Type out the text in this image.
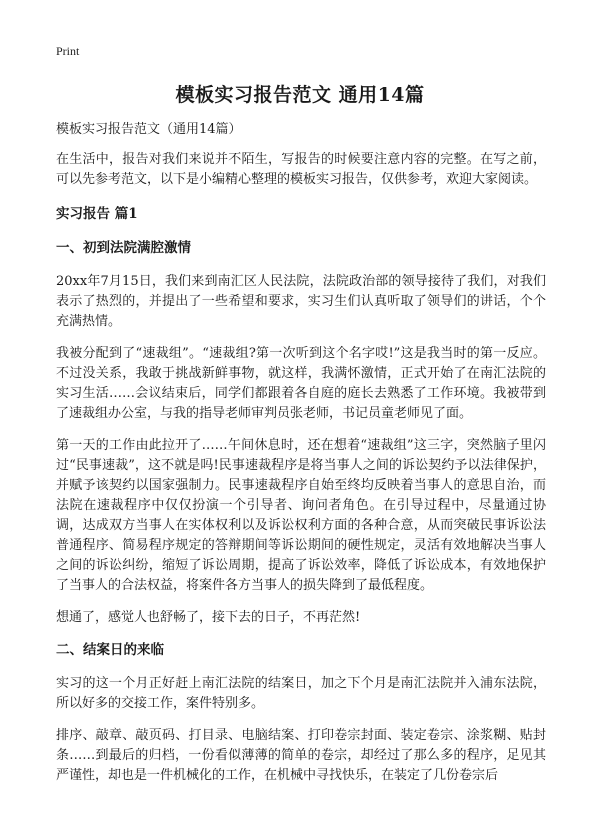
Print
模板实习报告范文 通用14篇

模板实习报告范文（通用14篇）

在生活中，报告对我们来说并不陌生，写报告的时候要注意内容的完整。在写之前，可以先参考范文，以下是小编精心整理的模板实习报告，仅供参考，欢迎大家阅读。

实习报告 篇1
一、初到法院满腔激情

20xx年7月15日，我们来到南汇区人民法院，法院政治部的领导接待了我们，对我们表示了热烈的，并提出了一些希望和要求，实习生们认真听取了领导们的讲话，个个充满热情。

我被分配到了“速裁组”。“速裁组?第一次听到这个名字哎!”这是我当时的第一反应。不过没关系，我敢于挑战新鲜事物，就这样，我满怀激情，正式开始了在南汇法院的实习生活……会议结束后，同学们都跟着各自庭的庭长去熟悉了工作环境。我被带到了速裁组办公室，与我的指导老师审判员张老师，书记员童老师见了面。

第一天的工作由此拉开了……午间休息时，还在想着“速裁组”这三字，突然脑子里闪过“民事速裁”，这不就是吗!民事速裁程序是将当事人之间的诉讼契约予以法律保护，并赋予该契约以国家强制力。民事速裁程序自始至终均反映着当事人的意思自治，而法院在速裁程序中仅仅扮演一个引导者、询问者角色。在引导过程中，尽量通过协调，达成双方当事人在实体权利以及诉讼权利方面的各种合意，从而突破民事诉讼法普通程序、简易程序规定的答辩期间等诉讼期间的硬性规定，灵活有效地解决当事人之间的诉讼纠纷，缩短了诉讼周期，提高了诉讼效率，降低了诉讼成本，有效地保护了当事人的合法权益，将案件各方当事人的损失降到了最低程度。

想通了，感觉人也舒畅了，接下去的日子，不再茫然!

二、结案日的来临

实习的这一个月正好赶上南汇法院的结案日，加之下个月是南汇法院并入浦东法院，所以好多的交接工作，案件特别多。

排序、敲章、敲页码、打目录、电脑结案、打印卷宗封面、装定卷宗、涂浆糊、贴封条……到最后的归档，一份看似薄薄的简单的卷宗，却经过了那么多的程序，足见其严谨性，却也是一件机械化的工作，在机械中寻找快乐，在装定了几份卷宗后
